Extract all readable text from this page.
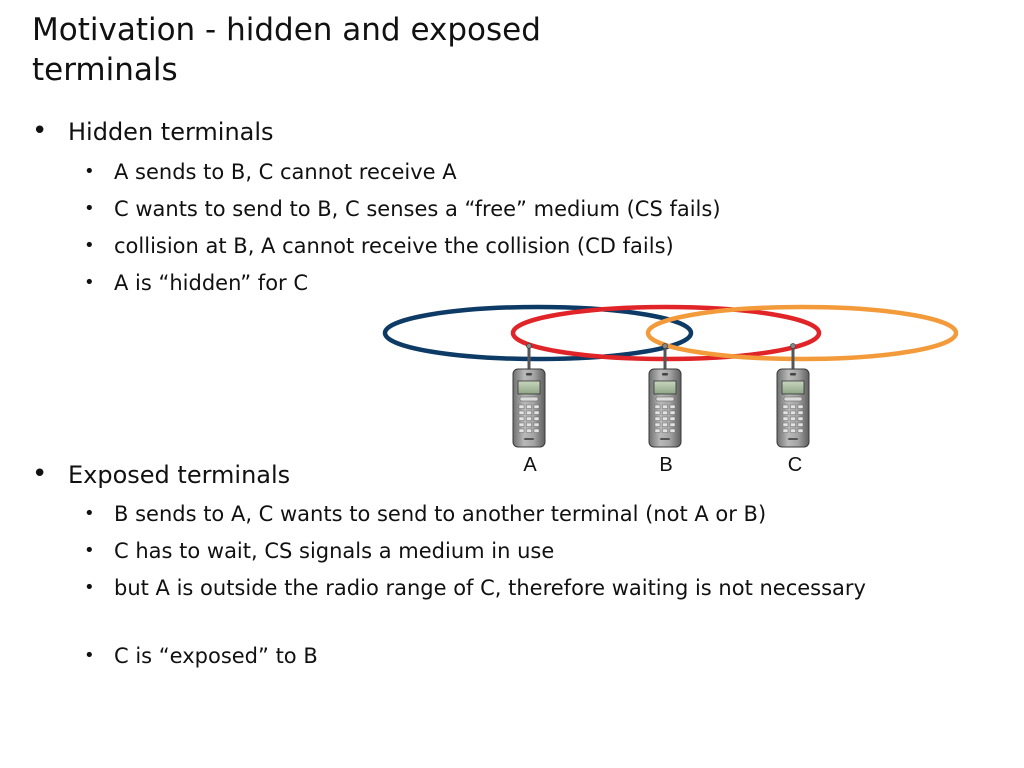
Motivation - hidden and exposed terminals
• Hidden terminals
• A sends to B, C cannot receive A
• C wants to send to B, C senses a “free” medium (CS fails)
• collision at B, A cannot receive the collision (CD fails)
• A is “hidden” for C
A	B	C
• Exposed terminals
• B sends to A, C wants to send to another terminal (not A or B)
• C has to wait, CS signals a medium in use
• but A is outside the radio range of C, therefore waiting is not necessary
• C is “exposed” to B
